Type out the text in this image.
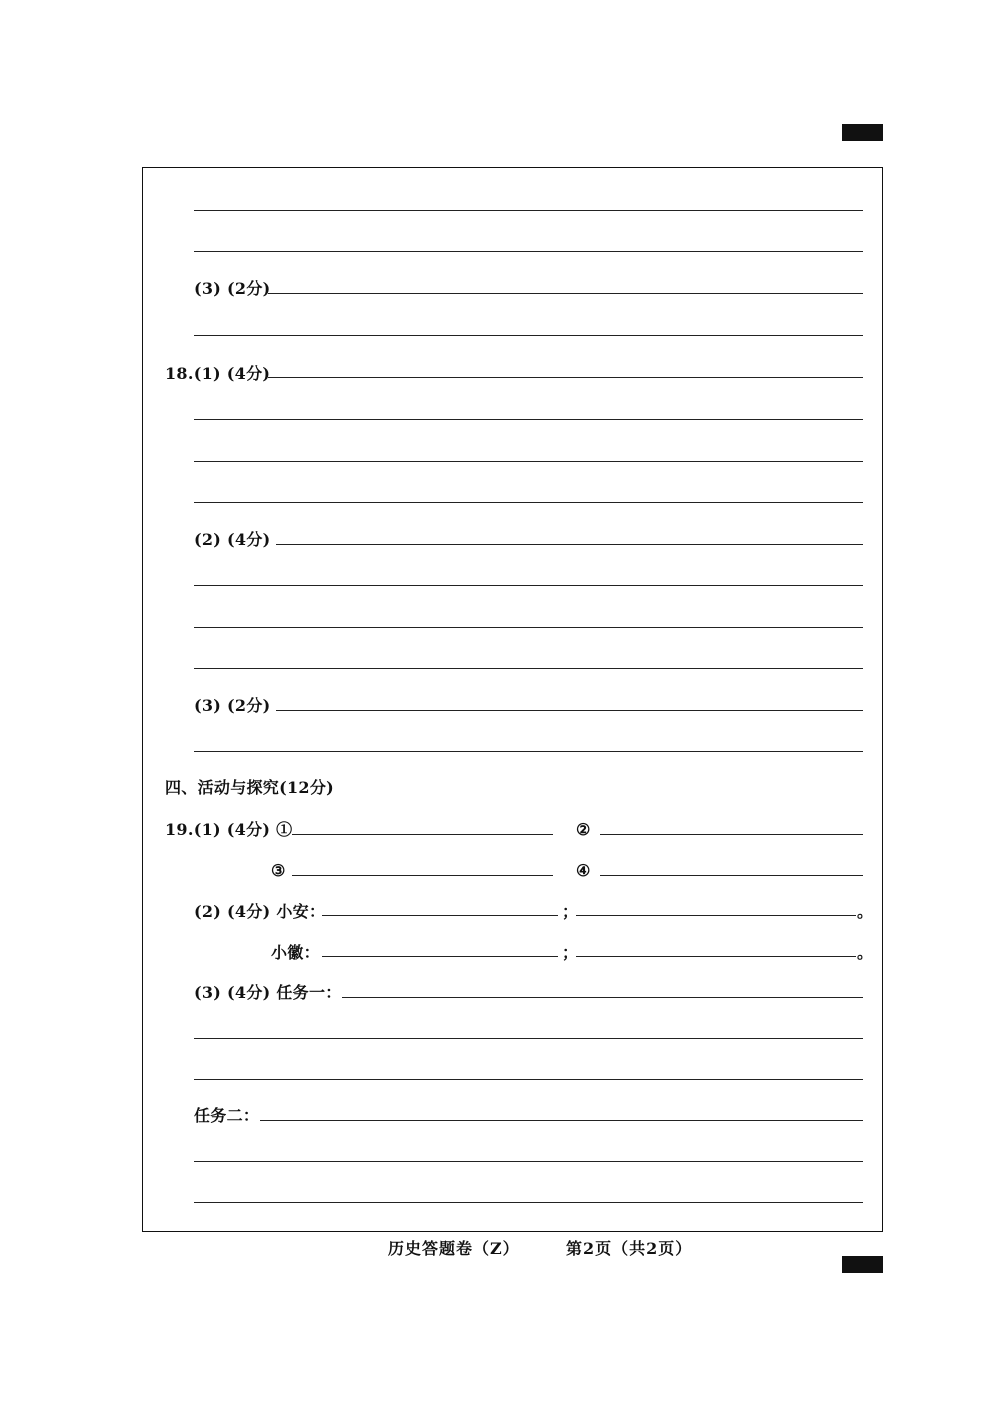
(3) (2分)
18.(1) (4分)
(2) (4分)
(3) (2分)
四、活动与探究(12分)
19.(1) (4分) ①	②
③	④
(2) (4分) 小安：	；	。
小徽：	；	。
(3) (4分) 任务一：
任务二：
历史答题卷（Z）	第2页（共2页）
